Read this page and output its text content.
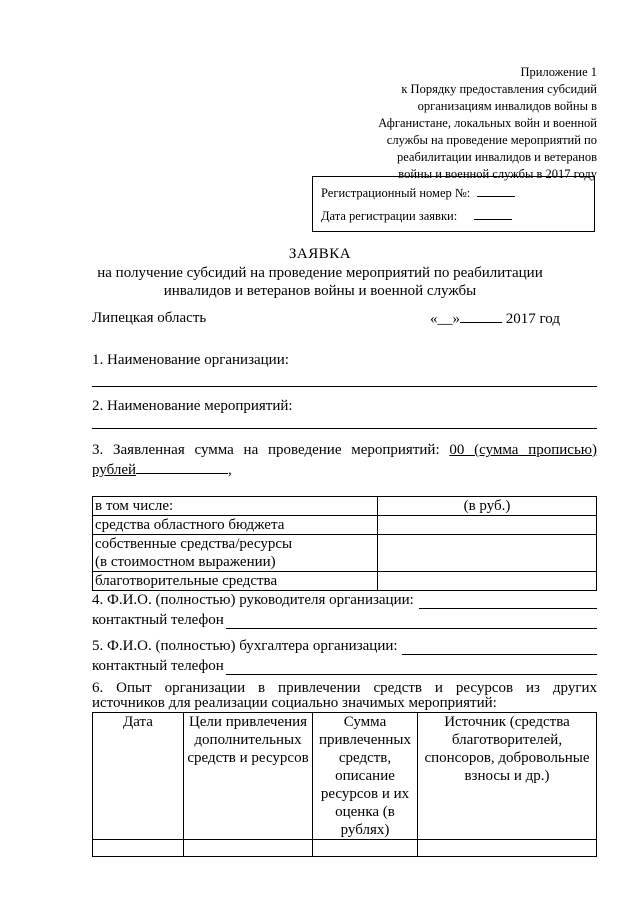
Приложение 1
к Порядку предоставления субсидий
организациям инвалидов войны в
Афганистане, локальных войн и военной
службы на проведение мероприятий по
реабилитации инвалидов и ветеранов
войны и военной службы в 2017 году
Регистрационный номер №:
Дата регистрации заявки:
ЗАЯВКА
на получение субсидий на проведение мероприятий по реабилитации
инвалидов и ветеранов войны и военной службы
Липецкая область	«__»	2017 год
1. Наименование организации:
2. Наименование мероприятий:
3. Заявленная сумма на проведение мероприятий: 00 (сумма прописью)
рублей	,
в том числе:	(в руб.)
средства областного бюджета	

собственные средства/ресурсы
(в стоимостном выражении)	

благотворительные средства	
4. Ф.И.О. (полностью) руководителя организации:
контактный телефон
5. Ф.И.О. (полностью) бухгалтера организации:
контактный телефон
6. Опыт организации в привлечении средств и ресурсов из других
источников для реализации социально значимых мероприятий:
Дата	Цели привлечения дополнительных средств и ресурсов	Сумма привлеченных средств, описание ресурсов и их оценка (в рублях)	Источник (средства благотворителей, спонсоров, добровольные взносы и др.)
